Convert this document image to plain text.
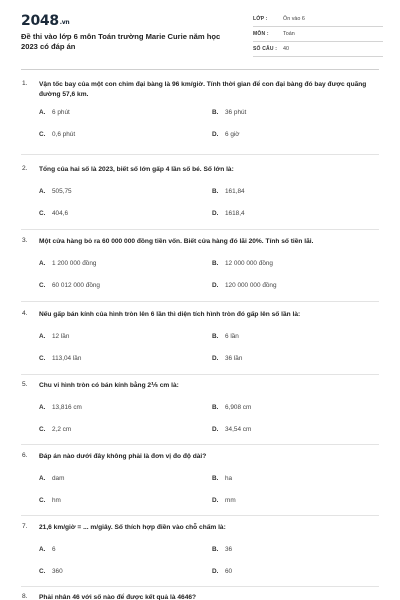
2048.vn
Đề thi vào lớp 6 môn Toán trường Marie Curie năm học 2023 có đáp án
LỚP :	Ôn vào 6
MÔN :	Toán
SỐ CÂU : 40
1. Vận tốc bay của một con chim đại bàng là 96 km/giờ. Tính thời gian để con đại bàng đó bay được quãng đường 57,6 km.
A. 6 phút	B. 36 phút
C. 0,6 phút	D. 6 giờ
2. Tổng của hai số là 2023, biết số lớn gấp 4 lần số bé. Số lớn là:
A. 505,75	B. 161,84
C. 404,6	D. 1618,4
3. Một cửa hàng bỏ ra 60 000 000 đồng tiền vốn. Biết cửa hàng đó lãi 20%. Tính số tiền lãi.
A. 1 200 000 đồng	B. 12 000 000 đồng
C. 60 012 000 đồng	D. 120 000 000 đồng
4. Nếu gấp bán kính của hình tròn lên 6 lần thì diện tích hình tròn đó gấp lên số lần là:
A. 12 lần	B. 6 lần
C. 113,04 lần	D. 36 lần
5. Chu vi hình tròn có bán kính bằng 2⅕ cm là:
A. 13,816 cm	B. 6,908 cm
C. 2,2 cm	D. 34,54 cm
6. Đáp án nào dưới đây không phải là đơn vị đo độ dài?
A. dam	B. ha
C. hm	D. mm
7. 21,6 km/giờ = ... m/giây. Số thích hợp điền vào chỗ chấm là:
A. 6	B. 36
C. 360	D. 60
8. Phải nhân 46 với số nào để được kết quả là 4646?
